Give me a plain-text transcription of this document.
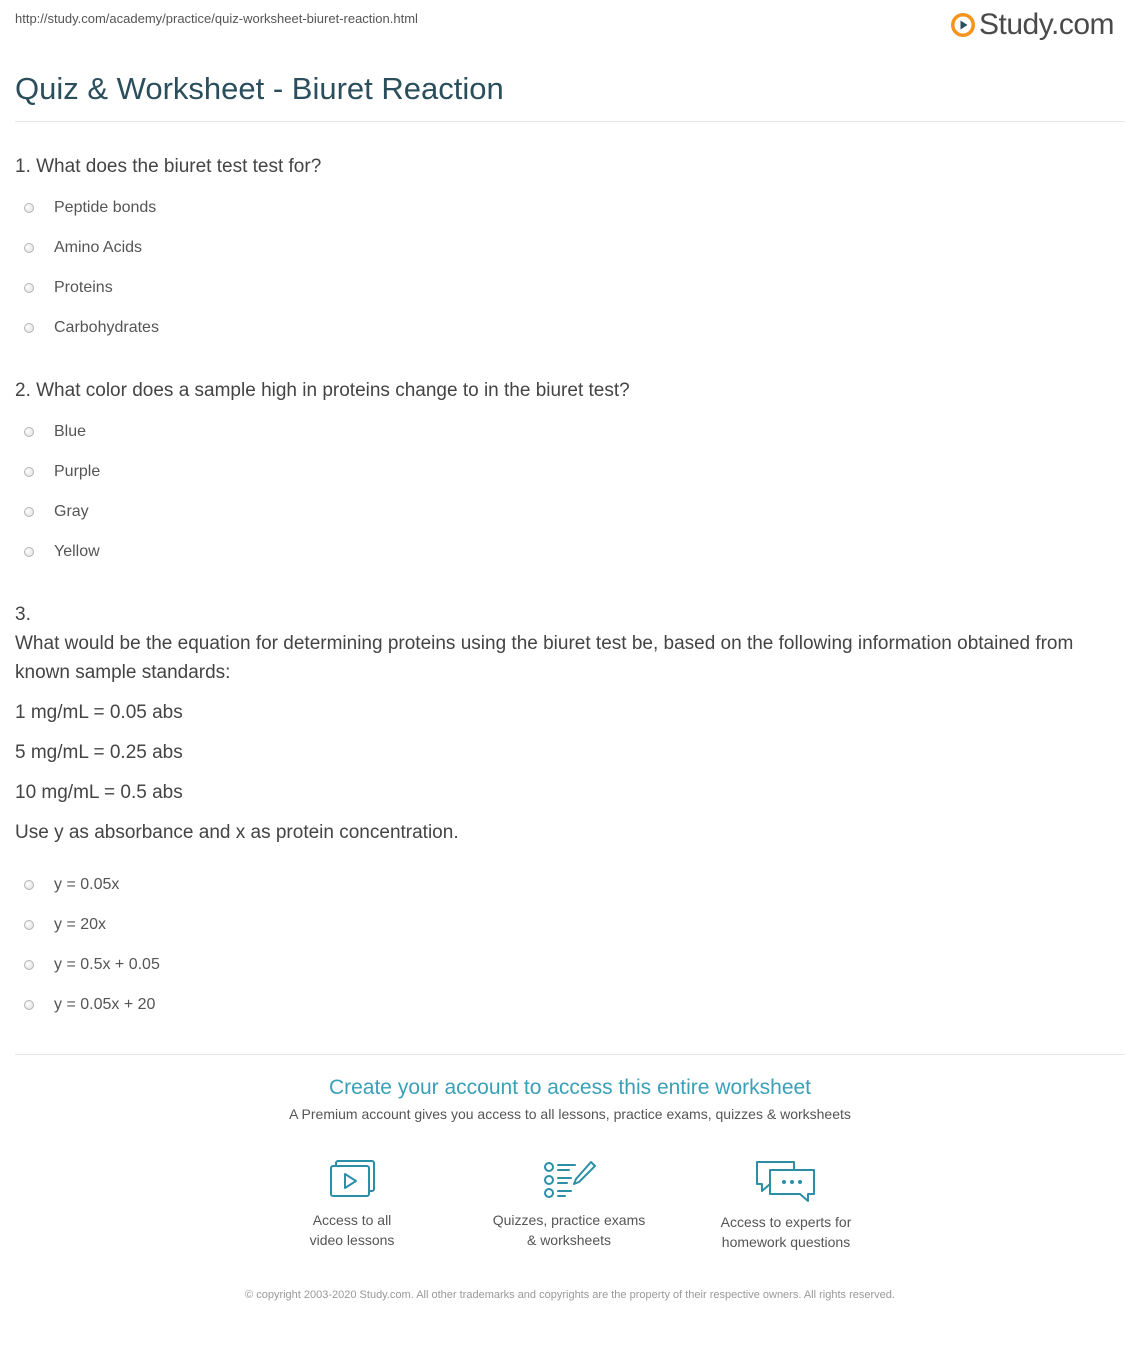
http://study.com/academy/practice/quiz-worksheet-biuret-reaction.html	Study.com
Quiz & Worksheet - Biuret Reaction

1. What does the biuret test test for?

Peptide bonds
Amino Acids
Proteins
Carbohydrates

2. What color does a sample high in proteins change to in the biuret test?

Blue
Purple
Gray
Yellow

3.

What would be the equation for determining proteins using the biuret test be, based on the following information obtained from known sample standards:

1 mg/mL = 0.05 abs

5 mg/mL = 0.25 abs

10 mg/mL = 0.5 abs

Use y as absorbance and x as protein concentration.

y = 0.05x
y = 20x
y = 0.5x + 0.05
y = 0.05x + 20

Create your account to access this entire worksheet

A Premium account gives you access to all lessons, practice exams, quizzes & worksheets

Access to all
video lessons
Quizzes, practice exams
& worksheets
Access to experts for
homework questions
© copyright 2003-2020 Study.com. All other trademarks and copyrights are the property of their respective owners. All rights reserved.
